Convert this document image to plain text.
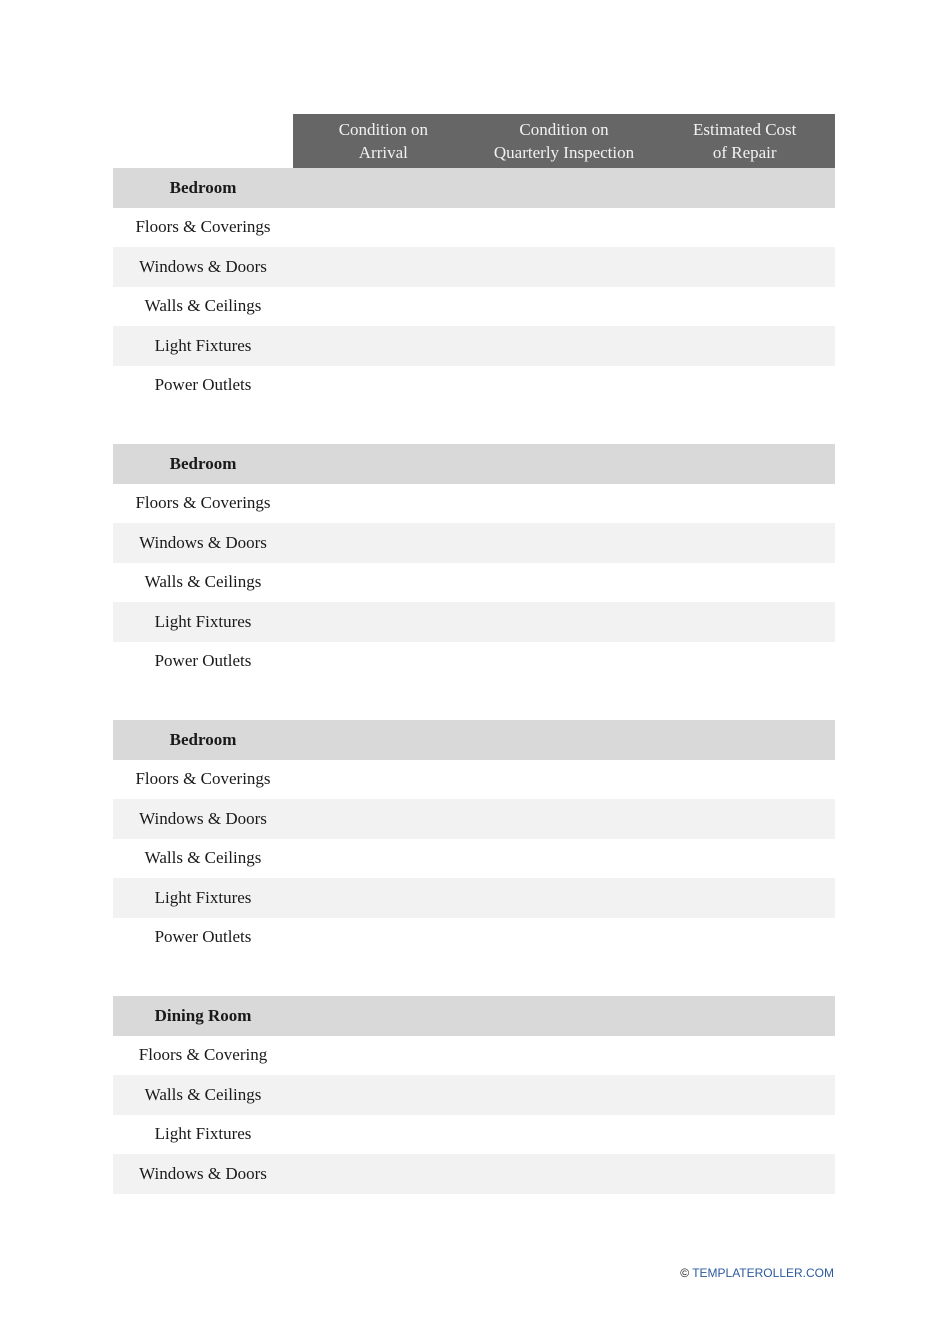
Condition on
Arrival
Condition on
Quarterly Inspection
Estimated Cost
of Repair
Bedroom
Floors & Coverings
Windows & Doors
Walls & Ceilings
Light Fixtures
Power Outlets
Bedroom
Floors & Coverings
Windows & Doors
Walls & Ceilings
Light Fixtures
Power Outlets
Bedroom
Floors & Coverings
Windows & Doors
Walls & Ceilings
Light Fixtures
Power Outlets
Dining Room
Floors & Covering
Walls & Ceilings
Light Fixtures
Windows & Doors
© TEMPLATEROLLER.COM
